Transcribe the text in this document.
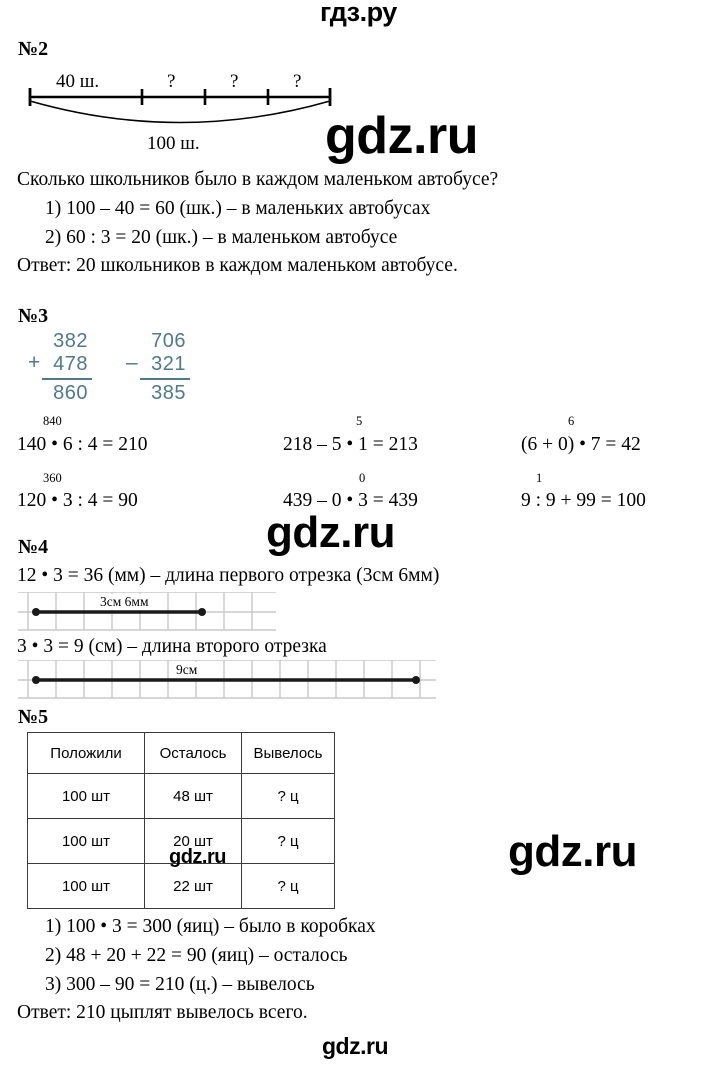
гдз.ру
gdz.ru
gdz.ru
gdz.ru
gdz.ru
gdz.ru
№2
40 ш.	?	?	?
100 ш.
Сколько школьников было в каждом маленьком автобусе?
1) 100 – 40 = 60 (шк.) – в маленьких автобусах
2) 60 : 3 = 20 (шк.) – в маленьком автобусе
Ответ: 20 школьников в каждом маленьком автобусе.
№3
+
382
478
860
–
706
321
385
840
140 • 6 : 4 = 210
5
218 – 5 • 1 = 213
6
(6 + 0) • 7 = 42
360
120 • 3 : 4 = 90
0
439 – 0 • 3 = 439
1
9 : 9 + 99 = 100
№4
12 • 3 = 36 (мм) – длина первого отрезка (3см 6мм)
3см 6мм
3 • 3 = 9 (см) – длина второго отрезка
9см
№5
Положили	Осталось	Вывелось
100 шт	48 шт	? ц
100 шт	20 шт	? ц
100 шт	22 шт	? ц
1) 100 • 3 = 300 (яиц) – было в коробках
2) 48 + 20 + 22 = 90 (яиц) – осталось
3) 300 – 90 = 210 (ц.) – вывелось
Ответ: 210 цыплят вывелось всего.
